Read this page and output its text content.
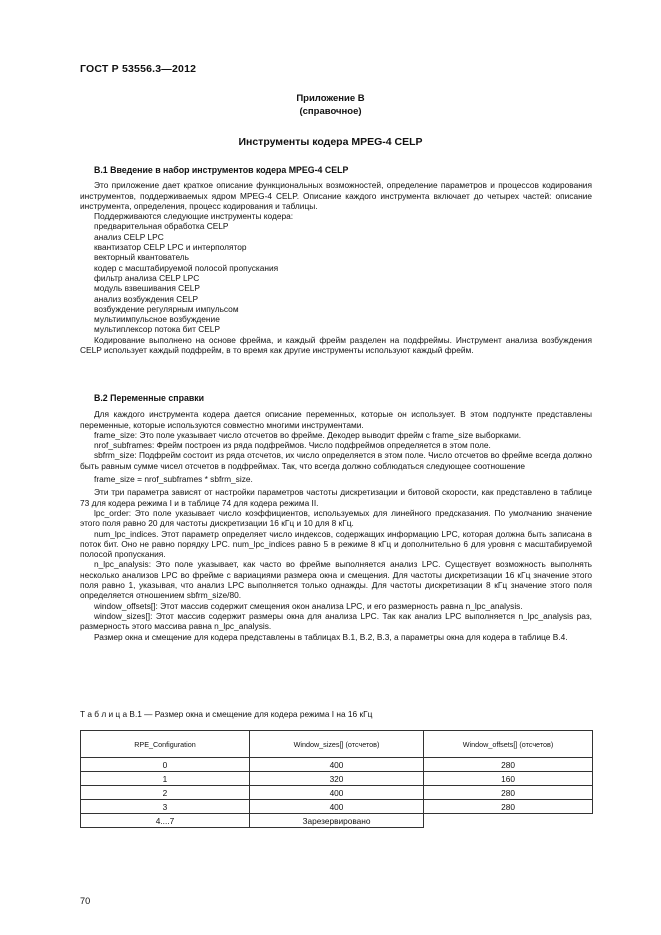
ГОСТ Р 53556.3—2012
Приложение В
(справочное)
Инструменты кодера MPEG-4 CELP
В.1 Введение в набор инструментов кодера MPEG-4 CELP

Это приложение дает краткое описание функциональных возможностей, определение параметров и процессов кодирования инструментов, поддерживаемых ядром MPEG-4 CELP. Описание каждого инструмента включает до четырех частей: описание инструмента, определения, процесс кодирования и таблицы.

Поддерживаются следующие инструменты кодера:

предварительная обработка CELP

анализ CELP LPC

квантизатор CELP LPC и интерполятор

векторный квантователь

кодер с масштабируемой полосой пропускания

фильтр анализа CELP LPC

модуль взвешивания CELP

анализ возбуждения CELP

возбуждение регулярным импульсом

мультиимпульсное возбуждение

мультиплексор потока бит CELP

Кодирование выполнено на основе фрейма, и каждый фрейм разделен на подфреймы. Инструмент анализа возбуждения CELP использует каждый подфрейм, в то время как другие инструменты используют каждый фрейм.

В.2 Переменные справки

Для каждого инструмента кодера дается описание переменных, которые он использует. В этом подпункте представлены переменные, которые используются совместно многими инструментами.

frame_size: Это поле указывает число отсчетов во фрейме. Декодер выводит фрейм с frame_size выборками.

nrof_subframes: Фрейм построен из ряда подфреймов. Число подфреймов определяется в этом поле.

sbfrm_size: Подфрейм состоит из ряда отсчетов, их число определяется в этом поле. Число отсчетов во фрейме всегда должно быть равным сумме чисел отсчетов в подфреймах. Так, что всегда должно соблюдаться следующее соотношение

frame_size = nrof_subframes * sbfrm_size.

Эти три параметра зависят от настройки параметров частоты дискретизации и битовой скорости, как представлено в таблице 73 для кодера режима I и в таблице 74 для кодера режима II.

lpc_order: Это поле указывает число коэффициентов, используемых для линейного предсказания. По умолчанию значение этого поля равно 20 для частоты дискретизации 16 кГц и 10 для 8 кГц.

num_lpc_indices. Этот параметр определяет число индексов, содержащих информацию LPC, которая должна быть записана в поток бит. Оно не равно порядку LPC. num_lpc_indices равно 5 в режиме 8 кГц и дополнительно 6 для уровня с масштабируемой полосой пропускания.

n_lpc_analysis: Это поле указывает, как часто во фрейме выполняется анализ LPC. Существует возможность выполнять несколько анализов LPC во фрейме с вариациями размера окна и смещения. Для частоты дискретизации 16 кГц значение этого поля равно 1, указывая, что анализ LPC выполняется только однажды. Для частоты дискретизации 8 кГц значение этого поля определяется отношением sbfrm_size/80.

window_offsets[]: Этот массив содержит смещения окон анализа LPC, и его размерность равна n_lpc_analysis.

window_sizes[]: Этот массив содержит размеры окна для анализа LPC. Так как анализ LPC выполняется n_lpc_analysis раз, размерность этого массива равна n_lpc_analysis.

Размер окна и смещение для кодера представлены в таблицах В.1, В.2, В.3, а параметры окна для кодера в таблице В.4.

Т а б л и ц а В.1 — Размер окна и смещение для кодера режима I на 16 кГц
RPE_Configuration	Window_sizes[] (отсчетов)	Window_offsets[] (отсчетов)
0	400	280
1	320	160
2	400	280
3	400	280
4....7	Зарезервировано	
70
